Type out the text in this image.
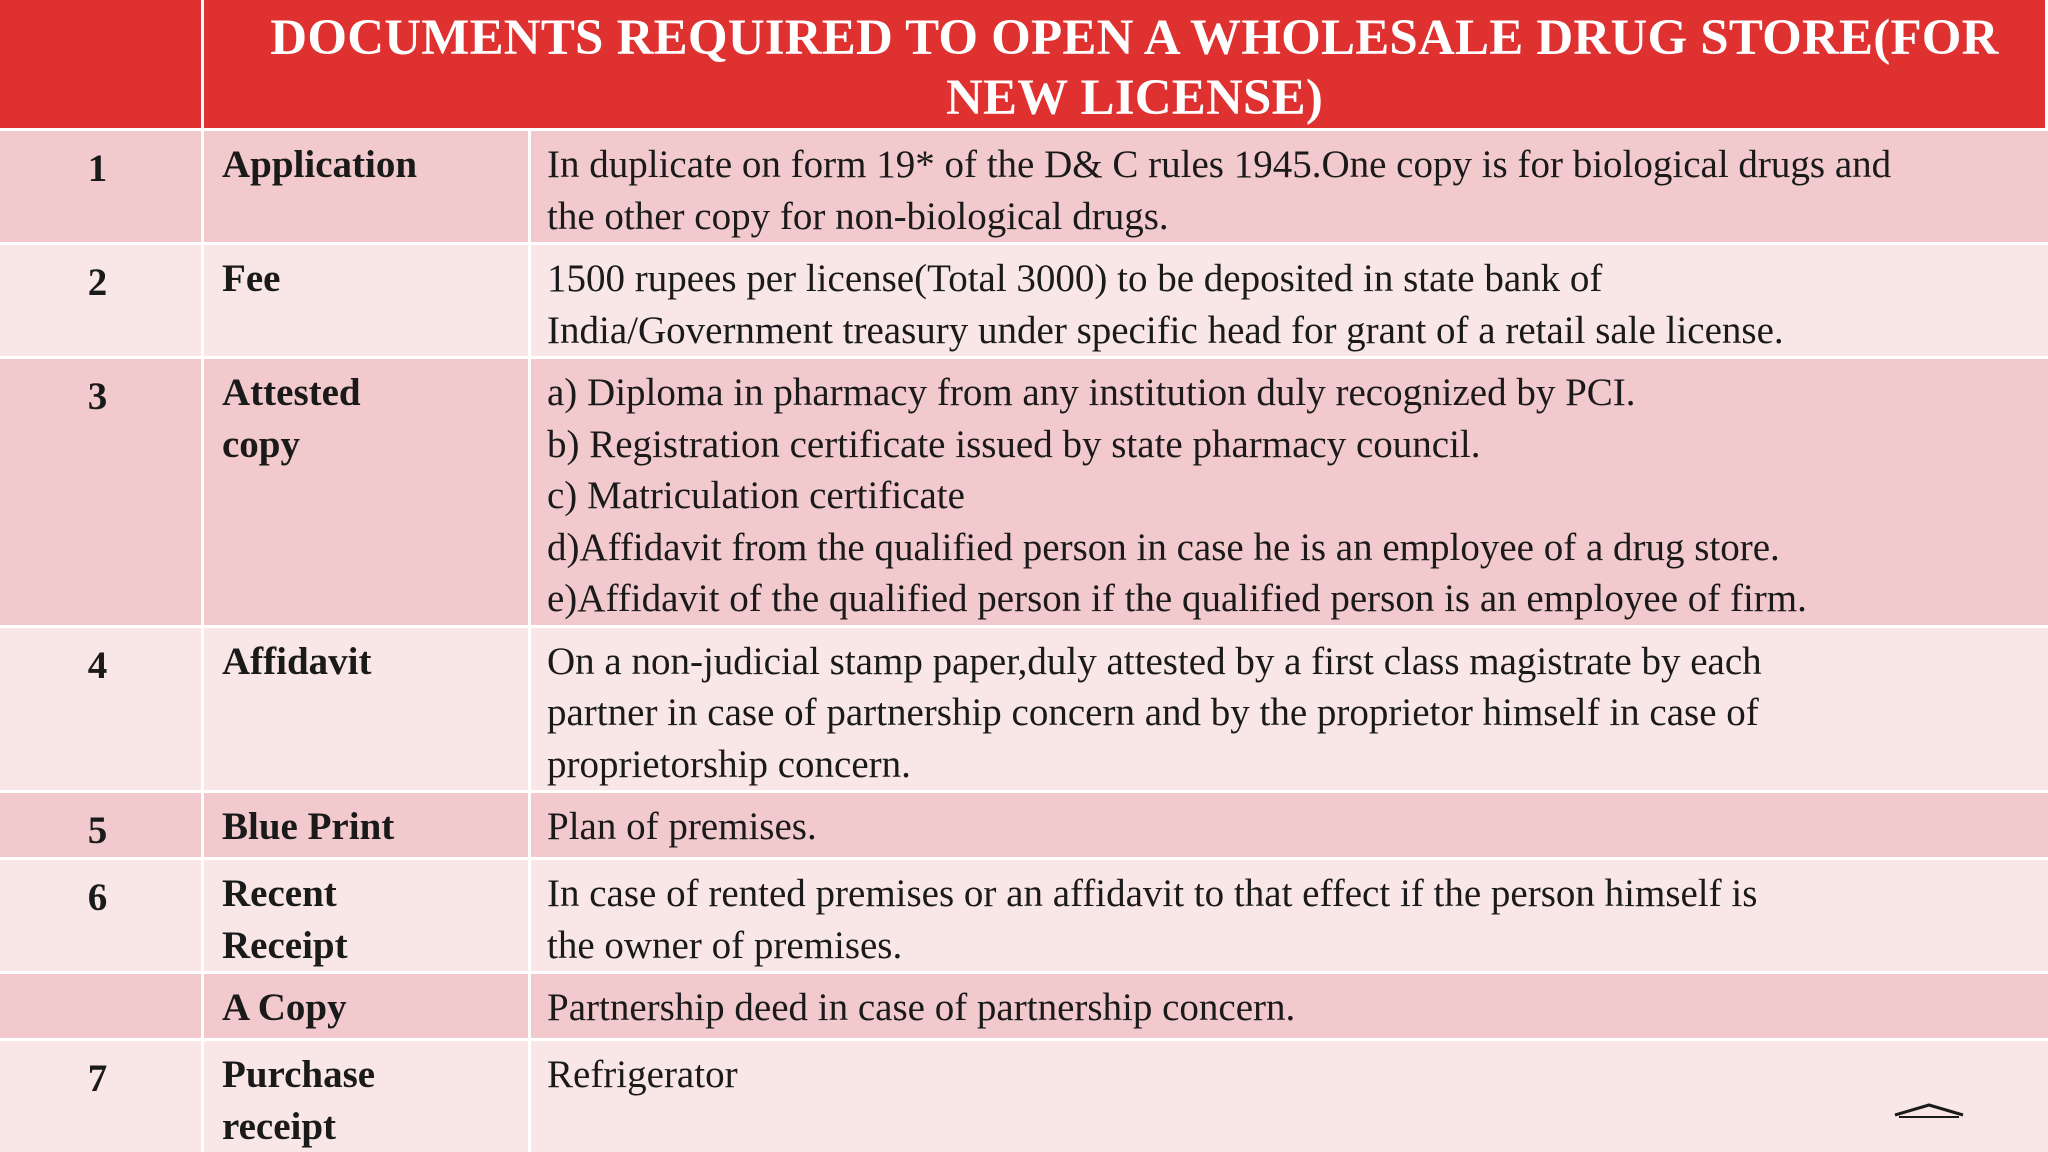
	DOCUMENTS REQUIRED TO OPEN A WHOLESALE DRUG STORE(FOR NEW LICENSE)	

1	Application	In duplicate on form 19* of the D& C rules 1945.One copy is for biological drugs and
the other copy for non-biological drugs.

2	Fee	1500 rupees per license(Total 3000) to be deposited in state bank of
India/Government treasury under specific head for grant of a retail sale license.

3	Attested copy	a) Diploma in pharmacy from any institution duly recognized by PCI.
b) Registration certificate issued by state pharmacy council.
c) Matriculation certificate
d)Affidavit from the qualified person in case he is an employee of a drug store.
e)Affidavit of the qualified person if the qualified person is an employee of firm.

4	Affidavit	On a non-judicial stamp paper,duly attested by a first class magistrate by each
partner in case of partnership concern and by the proprietor himself in case of
proprietorship concern.

5	Blue Print	Plan of premises.

6	Recent Receipt	In case of rented premises or an affidavit to that effect if the person himself is
the owner of premises.

	A Copy	Partnership deed in case of partnership concern.

7	Purchase receipt	Refrigerator
